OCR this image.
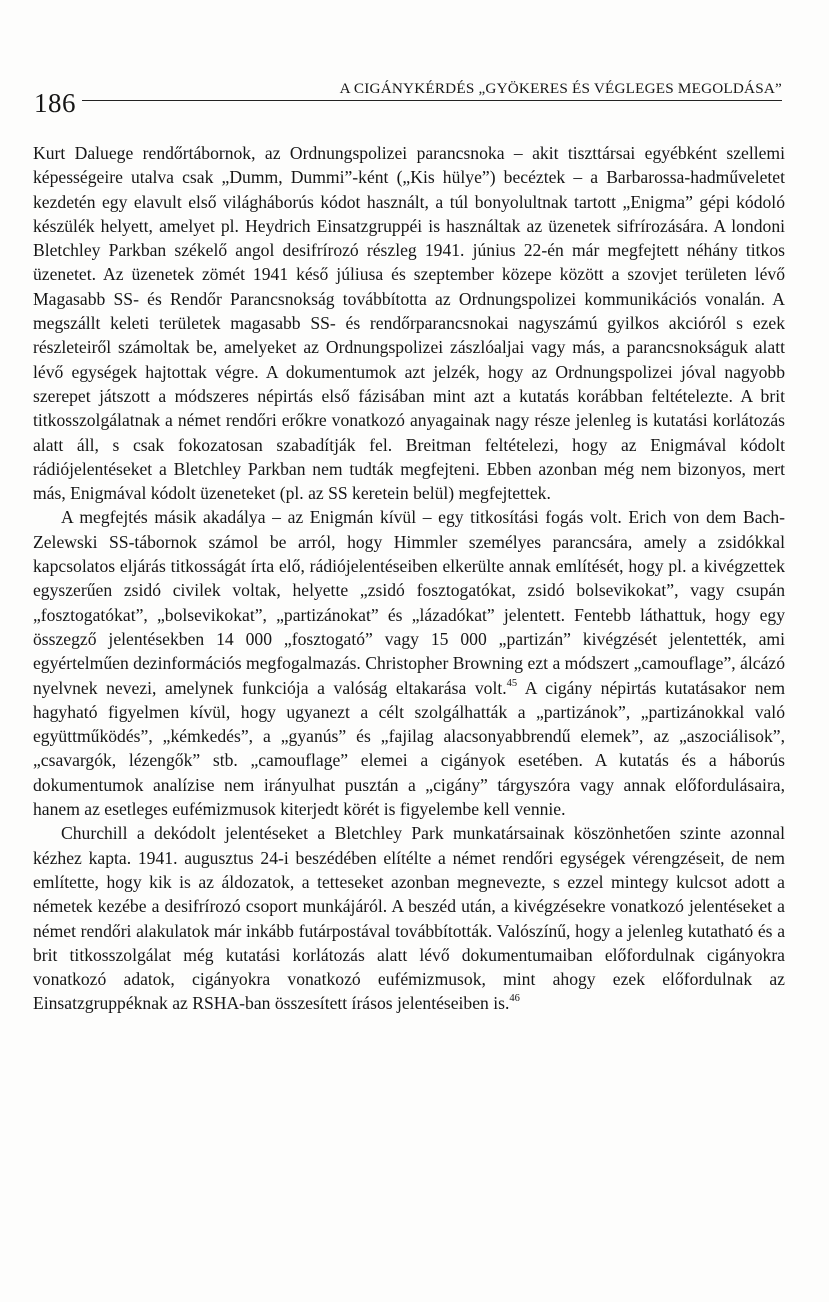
186	A CIGÁNYKÉRDÉS „GYÖKERES ÉS VÉGLEGES MEGOLDÁSA”

Kurt Daluege rendőrtábornok, az Ordnungspolizei parancsnoka – akit tiszttársai egyébként szellemi képességeire utalva csak „Dumm, Dummi”-ként („Kis hülye”) becéztek – a Barbarossa-hadműveletet kezdetén egy elavult első világháborús kódot használt, a túl bonyolultnak tartott „Enigma” gépi kódoló készülék helyett, amelyet pl. Heydrich Einsatzgruppéi is használtak az üzenetek sifrírozására. A londoni Bletchley Parkban székelő angol desifrírozó részleg 1941. június 22-én már megfejtett néhány titkos üzenetet. Az üzenetek zömét 1941 késő júliusa és szeptember közepe között a szovjet területen lévő Magasabb SS- és Rendőr Parancsnokság továbbította az Ordnungspolizei kommunikációs vonalán. A megszállt keleti területek magasabb SS- és rendőrparancsnokai nagyszámú gyilkos akcióról s ezek részleteiről számoltak be, amelyeket az Ordnungspolizei zászlóaljai vagy más, a parancsnokságuk alatt lévő egységek hajtottak végre. A dokumentumok azt jelzék, hogy az Ordnungspolizei jóval nagyobb szerepet játszott a módszeres népirtás első fázisában mint azt a kutatás korábban feltételezte. A brit titkosszolgálatnak a német rendőri erőkre vonatkozó anyagainak nagy része jelenleg is kutatási korlátozás alatt áll, s csak fokozatosan szabadítják fel. Breitman feltételezi, hogy az Enigmával kódolt rádiójelentéseket a Bletchley Parkban nem tudták megfejteni. Ebben azonban még nem bizonyos, mert más, Enigmával kódolt üzeneteket (pl. az SS keretein belül) megfejtettek.

A megfejtés másik akadálya – az Enigmán kívül – egy titkosítási fogás volt. Erich von dem Bach-Zelewski SS-tábornok számol be arról, hogy Himmler személyes parancsára, amely a zsidókkal kapcsolatos eljárás titkosságát írta elő, rádiójelentéseiben elkerülte annak említését, hogy pl. a kivégzettek egyszerűen zsidó civilek voltak, helyette „zsidó fosztogatókat, zsidó bolsevikokat”, vagy csupán „fosztogatókat”, „bolsevikokat”, „partizánokat” és „lázadókat” jelentett. Fentebb láthattuk, hogy egy összegző jelentésekben 14 000 „fosztogató” vagy 15 000 „partizán” kivégzését jelentették, ami egyértelműen dezinformációs megfogalmazás. Christopher Browning ezt a módszert „camouflage”, álcázó nyelvnek nevezi, amelynek funkciója a valóság eltakarása volt.$^{45}$ A cigány népirtás kutatásakor nem hagyható figyelmen kívül, hogy ugyanezt a célt szolgálhatták a „partizánok”, „partizánokkal való együttműködés”, „kémkedés”, a „gyanús” és „fajilag alacsonyabbrendű elemek”, az „aszociálisok”, „csavargók, lézengők” stb. „camouflage” elemei a cigányok esetében. A kutatás és a háborús dokumentumok analízise nem irányulhat pusztán a „cigány” tárgyszóra vagy annak előfordulásaira, hanem az esetleges eufémizmusok kiterjedt körét is figyelembe kell vennie.

Churchill a dekódolt jelentéseket a Bletchley Park munkatársainak köszönhetően szinte azonnal kézhez kapta. 1941. augusztus 24-i beszédében elítélte a német rendőri egységek vérengzéseit, de nem említette, hogy kik is az áldozatok, a tetteseket azonban megnevezte, s ezzel mintegy kulcsot adott a németek kezébe a desifrírozó csoport munkájáról. A beszéd után, a kivégzésekre vonatkozó jelentéseket a német rendőri alakulatok már inkább futárpostával továbbították. Valószínű, hogy a jelenleg kutatható és a brit titkosszolgálat még kutatási korlátozás alatt lévő dokumentumaiban előfordulnak cigányokra vonatkozó adatok, cigányokra vonatkozó eufémizmusok, mint ahogy ezek előfordulnak az Einsatzgruppéknak az RSHA-ban összesített írásos jelentéseiben is.$^{46}$
